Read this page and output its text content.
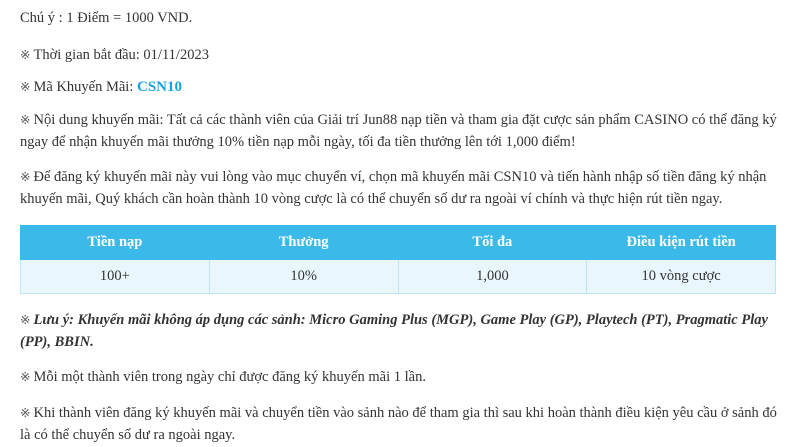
Chú ý : 1 Điểm = 1000 VND.

※ Thời gian bắt đầu: 01/11/2023

※ Mã Khuyến Mãi: CSN10

※ Nội dung khuyến mãi: Tất cả các thành viên của Giải trí Jun88 nạp tiền và tham gia đặt cược sản phẩm CASINO có thể đăng ký ngay để nhận khuyến mãi thưởng 10% tiền nạp mỗi ngày, tối đa tiền thưởng lên tới 1,000 điểm!

※ Để đăng ký khuyến mãi này vui lòng vào mục chuyển ví, chọn mã khuyến mãi CSN10 và tiến hành nhập số tiền đăng ký nhận khuyến mãi, Quý khách cần hoàn thành 10 vòng cược là có thể chuyển số dư ra ngoài ví chính và thực hiện rút tiền ngay.

Tiền nạp	Thưởng	Tối đa	Điều kiện rút tiền
100+	10%	1,000	10 vòng cược

※ Lưu ý: Khuyến mãi không áp dụng các sảnh: Micro Gaming Plus (MGP), Game Play (GP), Playtech (PT), Pragmatic Play (PP), BBIN.

※ Mỗi một thành viên trong ngày chỉ được đăng ký khuyến mãi 1 lần.

※ Khi thành viên đăng ký khuyến mãi và chuyển tiền vào sảnh nào để tham gia thì sau khi hoàn thành điều kiện yêu cầu ở sảnh đó là có thể chuyển số dư ra ngoài ngay.
